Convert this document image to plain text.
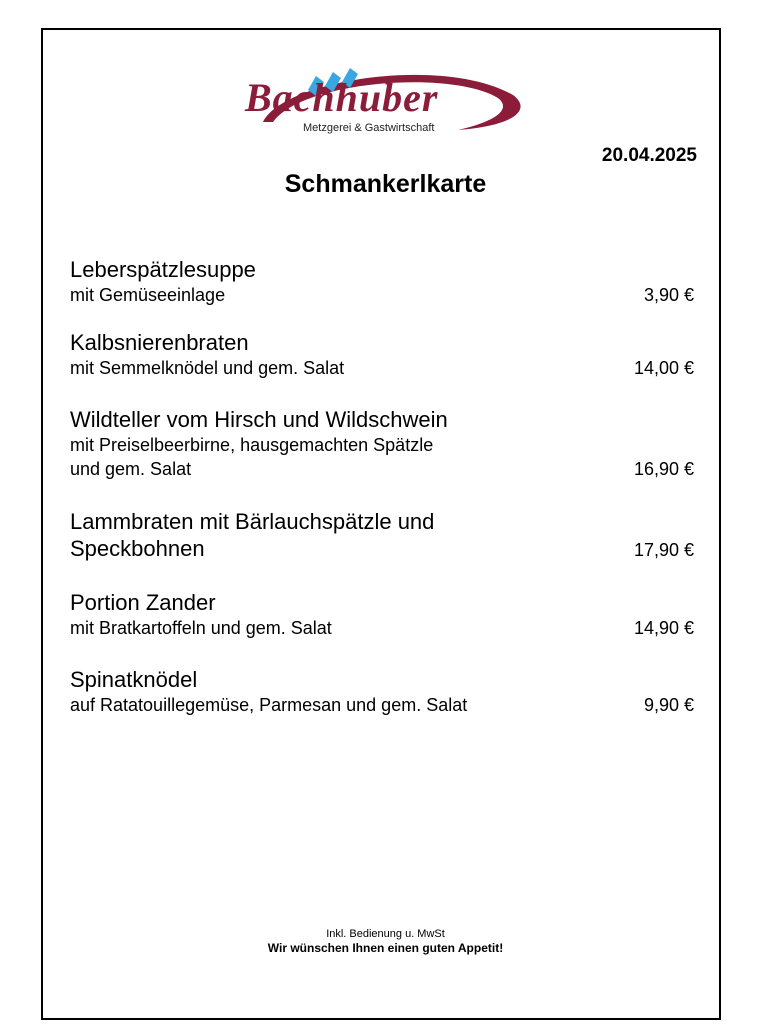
Bachhuber
Metzgerei & Gastwirtschaft
20.04.2025
Schmankerlkarte
Leberspätzlesuppe
mit Gemüseeinlage	3,90 €
Kalbsnierenbraten
mit Semmelknödel und gem. Salat	14,00 €
Wildteller vom Hirsch und Wildschwein
mit Preiselbeerbirne, hausgemachten Spätzle
und gem. Salat	16,90 €
Lammbraten mit Bärlauchspätzle und
Speckbohnen	17,90 €
Portion Zander
mit Bratkartoffeln und gem. Salat	14,90 €
Spinatknödel
auf Ratatouillegemüse, Parmesan und gem. Salat	9,90 €
Inkl. Bedienung u. MwSt
Wir wünschen Ihnen einen guten Appetit!
